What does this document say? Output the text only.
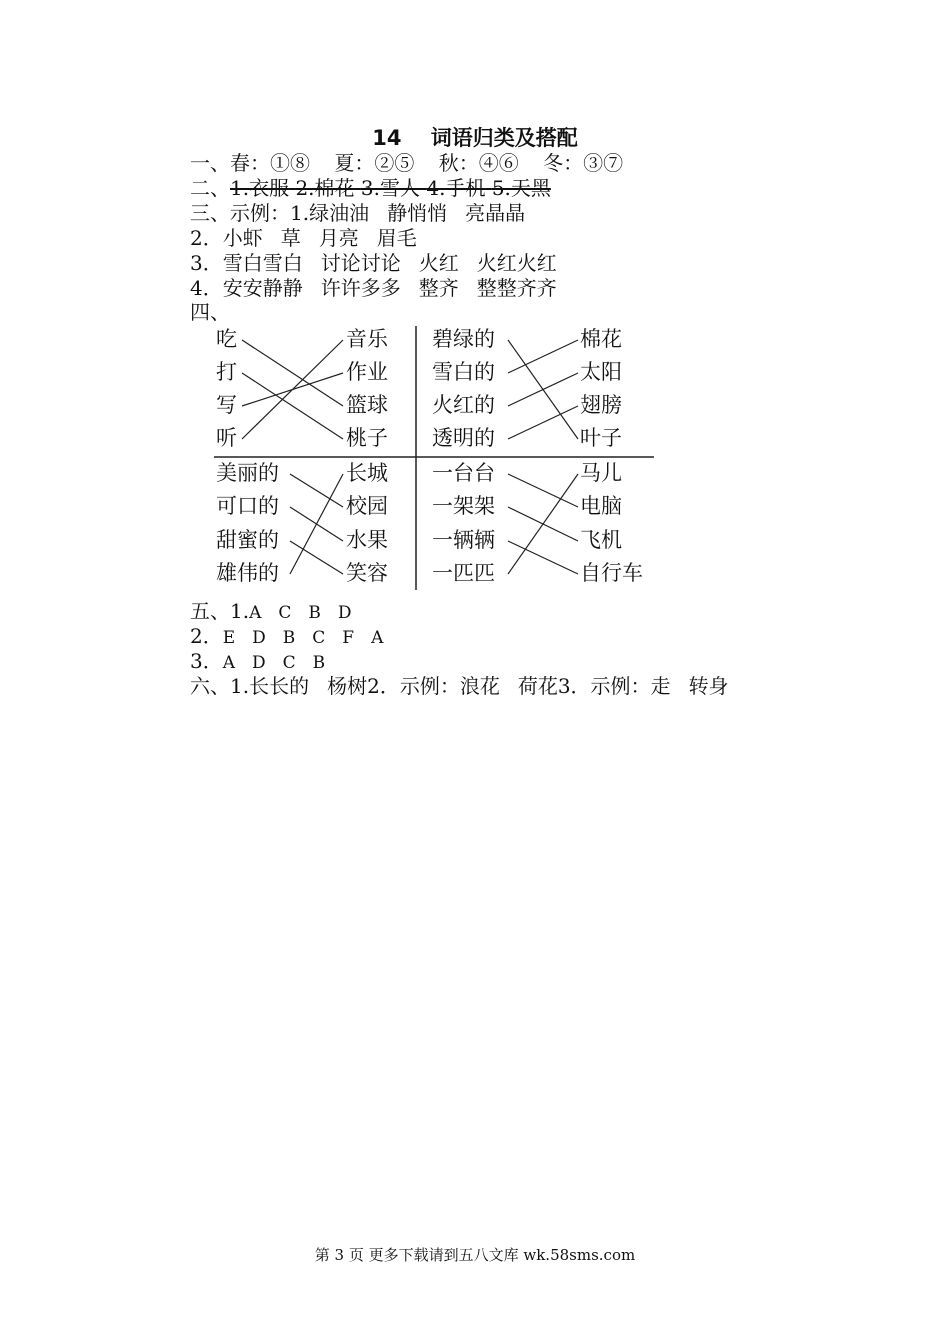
14 词语归类及搭配
一、春：①⑧ 夏：②⑤ 秋：④⑥ 冬：③⑦
二、1.衣服 2.棉花 3.雪人 4.手机 5.天黑
三、示例：1.绿油油 静悄悄 亮晶晶
2．小虾 草 月亮 眉毛
3．雪白雪白 讨论讨论 火红 火红火红
4．安安静静 许许多多 整齐 整整齐齐
四、
吃
打
写
听
音乐
作业
篮球
桃子
碧绿的
雪白的
火红的
透明的
棉花
太阳
翅膀
叶子
美丽的
可口的
甜蜜的
雄伟的
长城
校园
水果
笑容
一台台
一架架
一辆辆
一匹匹
马儿
电脑
飞机
自行车
五、1.A　C　B　D
2．E　D　B　C　F　A
3．A　D　C　B
六、1.长长的 杨树2．示例：浪花 荷花3．示例：走 转身
第 3 页 更多下载请到五八文库 wk.58sms.com
